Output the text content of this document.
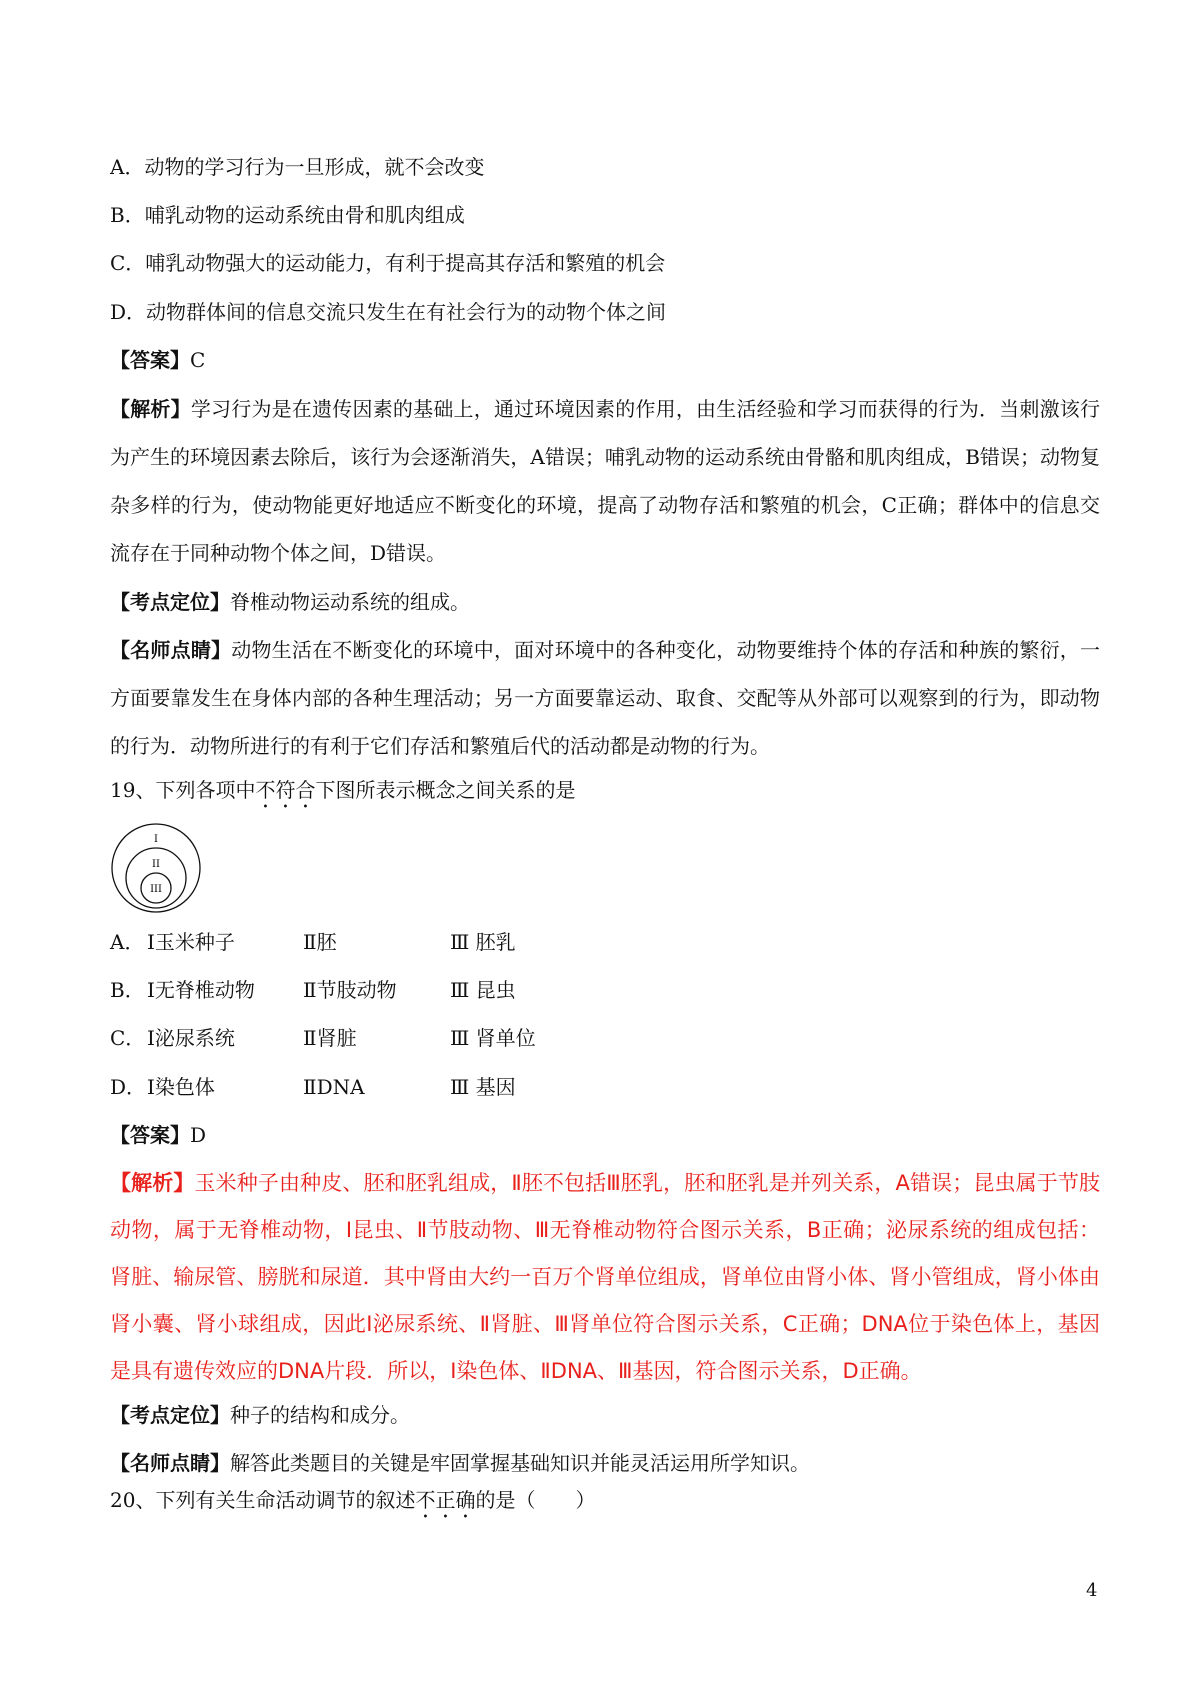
A．动物的学习行为一旦形成，就不会改变
B．哺乳动物的运动系统由骨和肌肉组成
C．哺乳动物强大的运动能力，有利于提高其存活和繁殖的机会
D．动物群体间的信息交流只发生在有社会行为的动物个体之间
【答案】C
【解析】学习行为是在遗传因素的基础上，通过环境因素的作用，由生活经验和学习而获得的行为．当刺激该行为产生的环境因素去除后，该行为会逐渐消失，A错误；哺乳动物的运动系统由骨骼和肌肉组成，B错误；动物复杂多样的行为，使动物能更好地适应不断变化的环境，提高了动物存活和繁殖的机会，C正确；群体中的信息交流存在于同种动物个体之间，D错误。
【考点定位】脊椎动物运动系统的组成。
【名师点睛】动物生活在不断变化的环境中，面对环境中的各种变化，动物要维持个体的存活和种族的繁衍，一方面要靠发生在身体内部的各种生理活动；另一方面要靠运动、取食、交配等从外部可以观察到的行为，即动物的行为．动物所进行的有利于它们存活和繁殖后代的活动都是动物的行为。
19、下列各项中不符合下图所表示概念之间关系的是
I
II
III
A． Ⅰ玉米种子	Ⅱ胚	Ⅲ 胚乳
B． Ⅰ无脊椎动物 Ⅱ节肢动物	Ⅲ 昆虫
C． Ⅰ泌尿系统	Ⅱ肾脏	Ⅲ 肾单位
D． Ⅰ染色体	ⅡDNA	Ⅲ 基因
【答案】D
【解析】玉米种子由种皮、胚和胚乳组成，Ⅱ胚不包括Ⅲ胚乳，胚和胚乳是并列关系，A错误；昆虫属于节肢动物，属于无脊椎动物，Ⅰ昆虫、Ⅱ节肢动物、Ⅲ无脊椎动物符合图示关系，B正确；泌尿系统的组成包括：肾脏、输尿管、膀胱和尿道．其中肾由大约一百万个肾单位组成，肾单位由肾小体、肾小管组成，肾小体由肾小囊、肾小球组成，因此Ⅰ泌尿系统、Ⅱ肾脏、Ⅲ肾单位符合图示关系，C正确；DNA位于染色体上，基因是具有遗传效应的DNA片段．所以，Ⅰ染色体、ⅡDNA、Ⅲ基因，符合图示关系，D正确。
【考点定位】种子的结构和成分。
【名师点睛】解答此类题目的关键是牢固掌握基础知识并能灵活运用所学知识。
20、下列有关生命活动调节的叙述不正确的是（　　）
4
